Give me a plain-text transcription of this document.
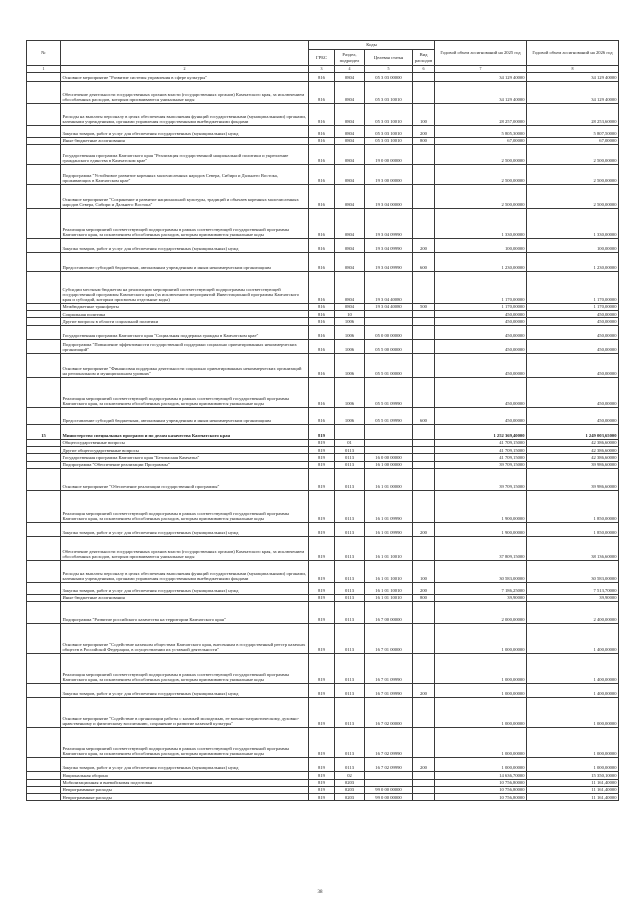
№		Коды				Годовой объем ассигнований на 2025 год	Годовой объем ассигнований на 2026 год
		ГРБС	Раздел, подраздел	Целевая статья	Вид расходов		
1	2	3	4	5	6	7	8
	Основное мероприятие "Развитие системы управления в сфере культуры"	816	0804	05 3 03 00000		34 129 40000	34 129 40000
	Обеспечение деятельности государственных органов власти (государственных органов) Камчатского края, за исключением обособленных расходов, которым присваиваются уникальные коды	816	0804	05 3 03 10010		34 129 40000	34 129 40000
	Расходы на выплаты персоналу в целях обеспечения выполнения функций государственными (муниципальными) органами, казенными учреждениями, органами управления государственными внебюджетными фондами	816	0804	05 3 03 10010	100	28 257,00000	28 253,60000
	Закупка товаров, работ и услуг для обеспечения государственных (муниципальных) нужд	816	0804	05 3 03 10010	200	5 805,30000	5 807,50000
	Иные бюджетные ассигнования	816	0804	05 3 03 10010	800	67,00000	67,00000
	Государственная программа Камчатского края "Реализация государственной национальной политики и укрепление гражданского единства в Камчатском крае"	816	0804	19 0 00 00000		2 500,00000	2 500,00000
	Подпрограмма "Устойчивое развитие коренных малочисленных народов Севера, Сибири и Дальнего Востока, проживающих в Камчатском крае"	816	0804	19 3 00 00000		2 500,00000	2 500,00000
	Основное мероприятие "Сохранение и развитие национальной культуры, традиций и обычаев коренных малочисленных народов Севера, Сибири и Дальнего Востока"	816	0804	19 3 04 00000		2 500,00000	2 500,00000
	Реализация мероприятий соответствующей подпрограммы в рамках соответствующей государственной программы Камчатского края, за исключением обособленных расходов, которым присваиваются уникальные коды	816	0804	19 3 04 09990		1 330,00000	1 330,00000
	Закупка товаров, работ и услуг для обеспечения государственных (муниципальных) нужд	816	0804	19 3 04 09990	200	100,00000	100,00000
	Предоставление субсидий бюджетным, автономным учреждениям и иным некоммерческим организациям	816	0804	19 3 04 09990	600	1 230,00000	1 230,00000
	Субсидии местным бюджетам на реализацию мероприятий соответствующей подпрограммы соответствующей государственной программы Камчатского края (за исключением мероприятий Инвестиционной программы Камчатского края и субсидий, которым присвоены отдельные коды)	816	0804	19 3 04 40080		1 170,00000	1 170,00000
	Межбюджетные трансферты	816	0804	19 3 04 40080	500	1 170,00000	1 170,00000
	Социальная политика	816	10			450,00000	450,00000
	Другие вопросы в области социальной политики	816	1006			450,00000	450,00000
	Государственная программа Камчатского края "Социальная поддержка граждан в Камчатском крае"	816	1006	05 0 00 00000		450,00000	450,00000
	Подпрограмма "Повышение эффективности государственной поддержки социально ориентированных некоммерческих организаций"	816	1006	05 5 00 00000		450,00000	450,00000
	Основное мероприятие "Финансовая поддержка деятельности социально ориентированных некоммерческих организаций на региональном и муниципальном уровнях"	816	1006	05 5 01 00000		450,00000	450,00000
	Реализация мероприятий соответствующей подпрограммы в рамках соответствующей государственной программы Камчатского края, за исключением обособленных расходов, которым присваиваются уникальные коды	816	1006	05 5 01 09990		450,00000	450,00000
	Предоставление субсидий бюджетным, автономным учреждениям и иным некоммерческим организациям	816	1006	05 5 01 09990	600	450,00000	450,00000
15	Министерство специальных программ и по делам казачества Камчатского края	819				1 252 369,40000	1 249 003,65000
	Общегосударственные вопросы	819	01			41 709,15000	42 386,60000
	Другие общегосударственные вопросы	819	0113			41 709,15000	42 386,60000
	Государственная программа Камчатского края "Безопасная Камчатка"	819	0113	16 0 00 00000		41 709,15000	42 386,60000
	Подпрограмма "Обеспечение реализации Программы"	819	0113	16 1 00 00000		39 709,15000	39 986,60000
	Основное мероприятие "Обеспечение реализации государственной программы"	819	0113	16 1 01 00000		39 709,15000	39 986,60000
	Реализация мероприятий соответствующей подпрограммы в рамках соответствующей государственной программы Камчатского края, за исключением обособленных расходов, которым присваиваются уникальные коды	819	0113	16 1 01 09990		1 900,00000	1 850,00000
	Закупка товаров, работ и услуг для обеспечения государственных (муниципальных) нужд	819	0113	16 1 01 09990	200	1 900,00000	1 850,00000
	Обеспечение деятельности государственных органов власти (государственных органов) Камчатского края, за исключением обособленных расходов, которым присваиваются уникальные коды	819	0113	16 1 01 10010		37 809,15000	38 136,60000
	Расходы на выплаты персоналу в целях обеспечения выполнения функций государственными (муниципальными) органами, казенными учреждениями, органами управления государственными внебюджетными фондами	819	0113	16 1 01 10010	100	30 583,00000	30 583,00000
	Закупка товаров, работ и услуг для обеспечения государственных (муниципальных) нужд	819	0113	16 1 01 10010	200	7 186,25000	7 513,70000
	Иные бюджетные ассигнования	819	0113	16 1 01 10010	800	39,90000	39,90000
	Подпрограмма "Развитие российского казачества на территории Камчатского края"	819	0113	16 7 00 00000		2 000,00000	2 400,00000
	Основное мероприятие "Содействие казачьим обществам Камчатского края, внесенным в государственный реестр казачьих обществ в Российской Федерации, в осуществлении их уставной деятельности"	819	0113	16 7 01 00000		1 000,00000	1 400,00000
	Реализация мероприятий соответствующей подпрограммы в рамках соответствующей государственной программы Камчатского края, за исключением обособленных расходов, которым присваиваются уникальные коды	819	0113	16 7 01 09990		1 000,00000	1 400,00000
	Закупка товаров, работ и услуг для обеспечения государственных (муниципальных) нужд	819	0113	16 7 01 09990	200	1 000,00000	1 400,00000
	Основное мероприятие "Содействие в организации работы с казачьей молодежью, ее военно-патриотическому, духовно-нравственному и физическому воспитанию, сохранение и развитие казачьей культуры"	819	0113	16 7 02 00000		1 000,00000	1 000,00000
	Реализация мероприятий соответствующей подпрограммы в рамках соответствующей государственной программы Камчатского края, за исключением обособленных расходов, которым присваиваются уникальные коды	819	0113	16 7 02 09990		1 000,00000	1 000,00000
	Закупка товаров, работ и услуг для обеспечения государственных (муниципальных) нужд	819	0113	16 7 02 09990	200	1 000,00000	1 000,00000
	Национальная оборона	819	02			14 636,70000	15 350,10000
	Мобилизационная и вневойсковая подготовка	819	0203			10 756,80000	11 161,40000
	Непрограммные расходы	819	0203	99 0 00 00000		10 756,80000	11 161,40000
	Непрограммные расходы	819	0203	99 0 00 00000		10 756,80000	11 161,40000
38
